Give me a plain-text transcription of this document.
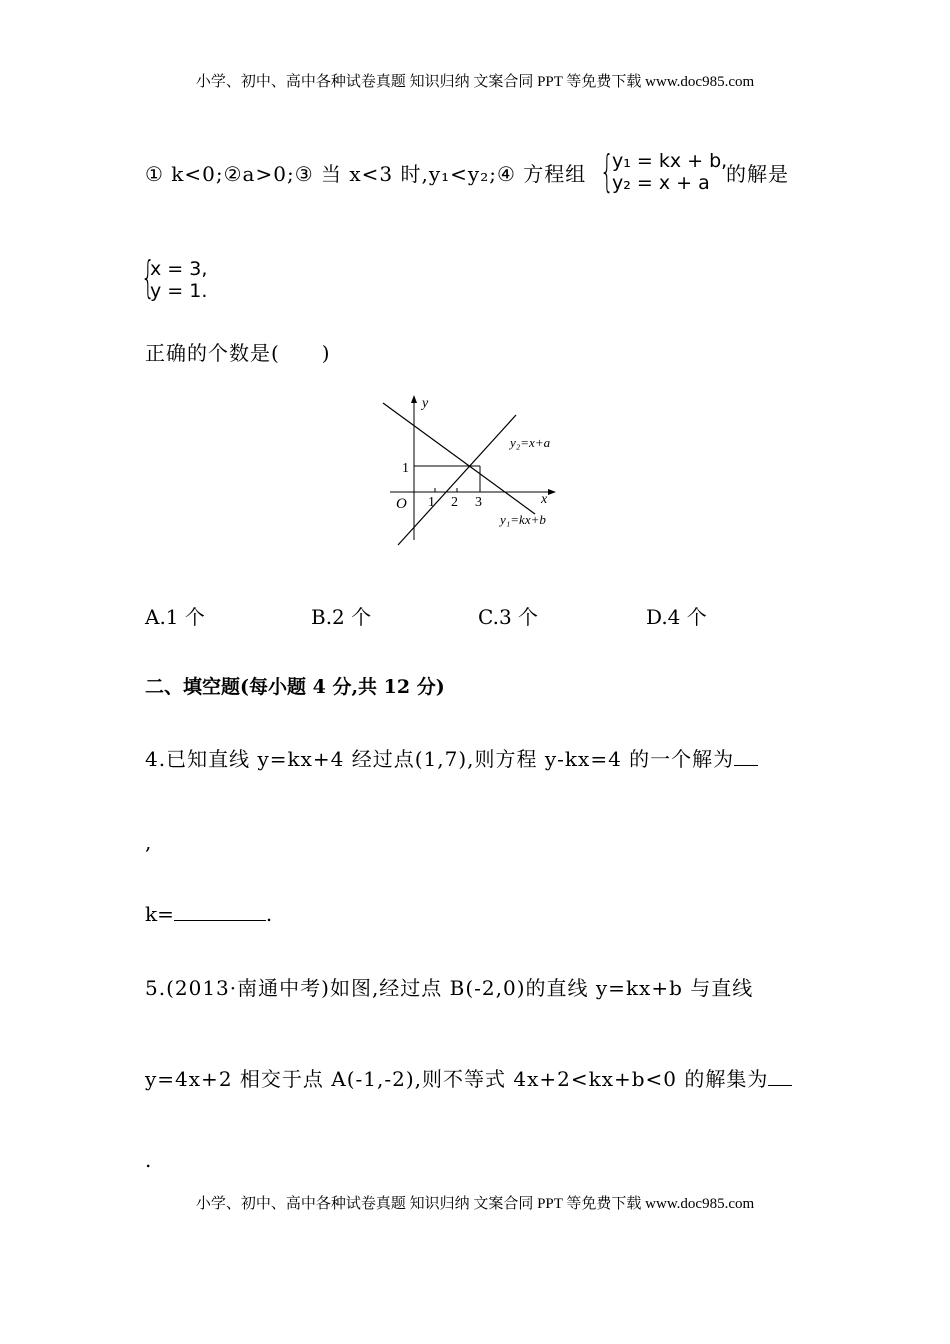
小学、初中、高中各种试卷真题 知识归纳 文案合同 PPT 等免费下载 www.doc985.com
① k<0;②a>0;③ 当 x<3 时,y₁<y₂;④ 方程组 {
y₁ = kx + b,
y₂ = x + a 的解是
{
x = 3,
y = 1.
正确的个数是(　　)
y
x
O
1
1 2 3
y₂=x+a
y₁=kx+b
A.1 个	B.2 个	C.3 个	D.4 个
二、填空题(每小题 4 分,共 12 分)
4.已知直线 y=kx+4 经过点(1,7),则方程 y-kx=4 的一个解为
,
k=	.
5.(2013·南通中考)如图,经过点 B(-2,0)的直线 y=kx+b 与直线
y=4x+2 相交于点 A(-1,-2),则不等式 4x+2<kx+b<0 的解集为
.
小学、初中、高中各种试卷真题 知识归纳 文案合同 PPT 等免费下载 www.doc985.com
